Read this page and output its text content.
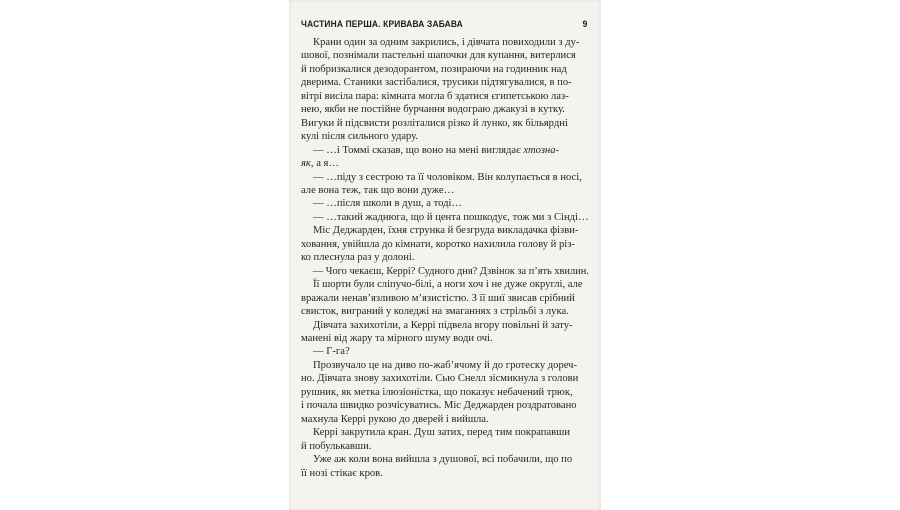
ЧАСТИНА ПЕРША. КРИВАВА ЗАБАВА	9
Крани один за одним закрились, і дівчата повиходили з ду-
шової, познімали пастельні шапочки для купання, витерлися
й побризкалися дезодорантом, позираючи на годинник над
дверима. Станики застібалися, трусики підтягувалися, в по-
вітрі висіла пара: кімната могла б здатися єгипетською лаз-
нею, якби не постійне бурчання водограю джакузі в кутку.
Вигуки й підсвисти розліталися різко й лунко, як більярдні
кулі після сильного удару.
— …і Томмі сказав, що воно на мені виглядає хтозна-
як, а я…
— …піду з сестрою та її чоловіком. Він колупається в носі,
але вона теж, так що вони дуже…
— …після школи в душ, а тоді…
— …такий жаднюга, що й цента пошкодує, тож ми з Сінді…
Міс Деджарден, їхня струнка й безгруда викладачка фізви-
ховання, увійшла до кімнати, коротко нахилила голову й різ-
ко плеснула раз у долоні.
— Чого чекаєш, Керрі? Судного дня? Дзвінок за п’ять хвилин.
Її шорти були сліпучо-білі, а ноги хоч і не дуже округлі, але
вражали ненав’язливою м’язистістю. З її шиї звисав срібний
свисток, виграний у коледжі на змаганнях з стрільбі з лука.
Дівчата захихотіли, а Керрі підвела вгору повільні й зату-
манені від жару та мірного шуму води очі.
— Г-га?
Прозвучало це на диво по-жаб’ячому й до гротеску дореч-
но. Дівчата знову захихотіли. Сью Снелл зісмикнула з голови
рушник, як метка ілюзіоністка, що показує небачений трюк,
і почала швидко розчісуватись. Міс Деджарден роздратовано
махнула Керрі рукою до дверей і вийшла.
Керрі закрутила кран. Душ затих, перед тим покрапавши
й побулькавши.
Уже аж коли вона вийшла з душової, всі побачили, що по
її нозі стікає кров.
